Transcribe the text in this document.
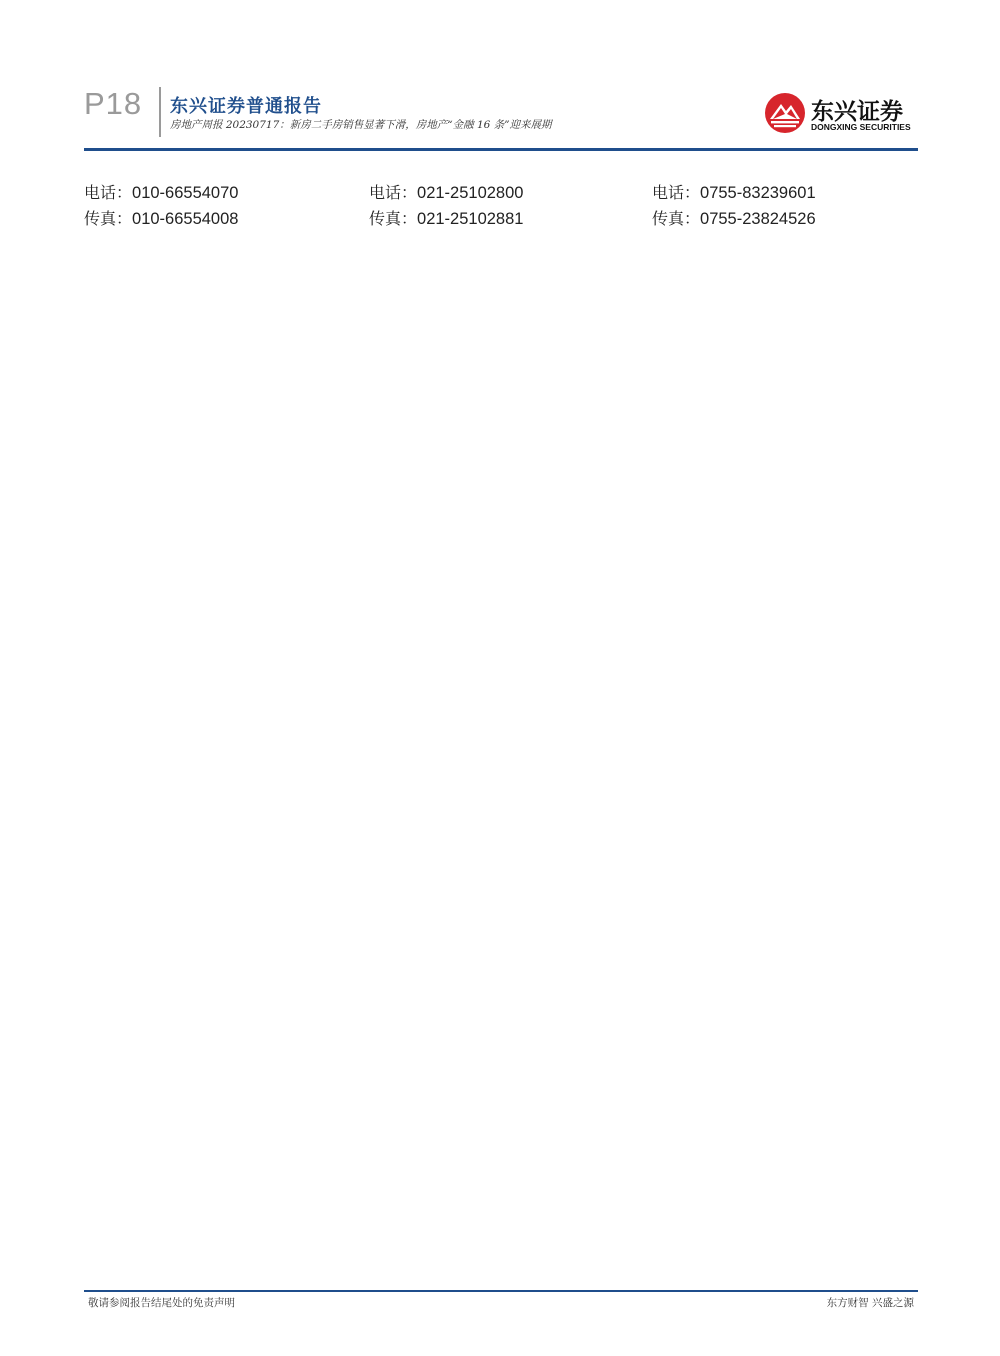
P18 东兴证券普通报告
房地产周报 20230717：新房二手房销售显著下滑，房地产“金融 16 条”迎来展期	东兴证券
DONGXING SECURITIES
电话：010-66554070
传真：010-66554008
电话：021-25102800
传真：021-25102881
电话：0755-83239601
传真：0755-23824526
敬请参阅报告结尾处的免责声明	东方财智 兴盛之源
